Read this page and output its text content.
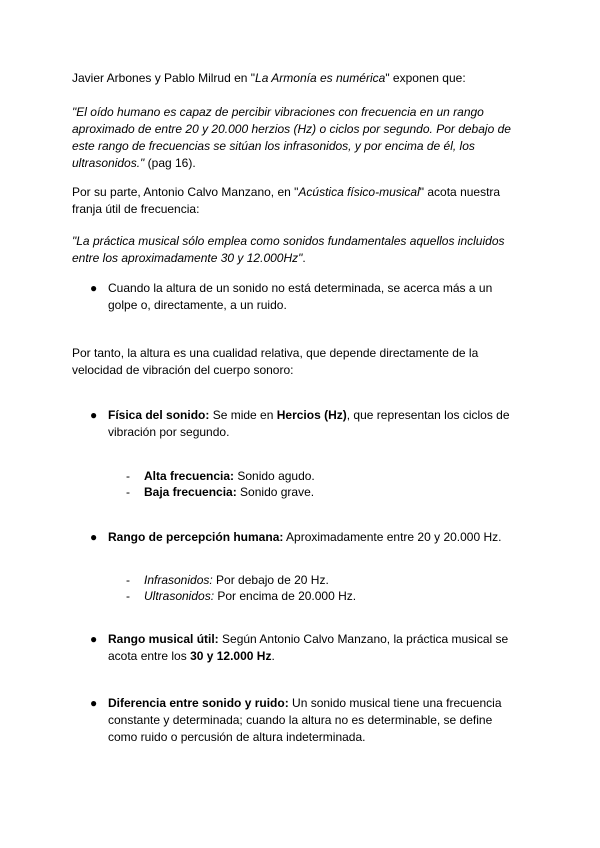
Javier Arbones y Pablo Milrud en "La Armonía es numérica" exponen que:

"El oído humano es capaz de percibir vibraciones con frecuencia en un rango aproximado de entre 20 y 20.000 herzios (Hz) o ciclos por segundo. Por debajo de este rango de frecuencias se sitúan los infrasonidos, y por encima de él, los ultrasonidos." (pag 16).

Por su parte, Antonio Calvo Manzano, en "Acústica físico-musical" acota nuestra franja útil de frecuencia:

"La práctica musical sólo emplea como sonidos fundamentales aquellos incluidos entre los aproximadamente 30 y 12.000Hz".

● Cuando la altura de un sonido no está determinada, se acerca más a un golpe o, directamente, a un ruido.

Por tanto, la altura es una cualidad relativa, que depende directamente de la velocidad de vibración del cuerpo sonoro:

● Física del sonido: Se mide en Hercios (Hz), que representan los ciclos de vibración por segundo.
-	Alta frecuencia: Sonido agudo.
-	Baja frecuencia: Sonido grave.
● Rango de percepción humana: Aproximadamente entre 20 y 20.000 Hz.
-	Infrasonidos: Por debajo de 20 Hz.
-	Ultrasonidos: Por encima de 20.000 Hz.
● Rango musical útil: Según Antonio Calvo Manzano, la práctica musical se acota entre los 30 y 12.000 Hz.
● Diferencia entre sonido y ruido: Un sonido musical tiene una frecuencia constante y determinada; cuando la altura no es determinable, se define como ruido o percusión de altura indeterminada.
